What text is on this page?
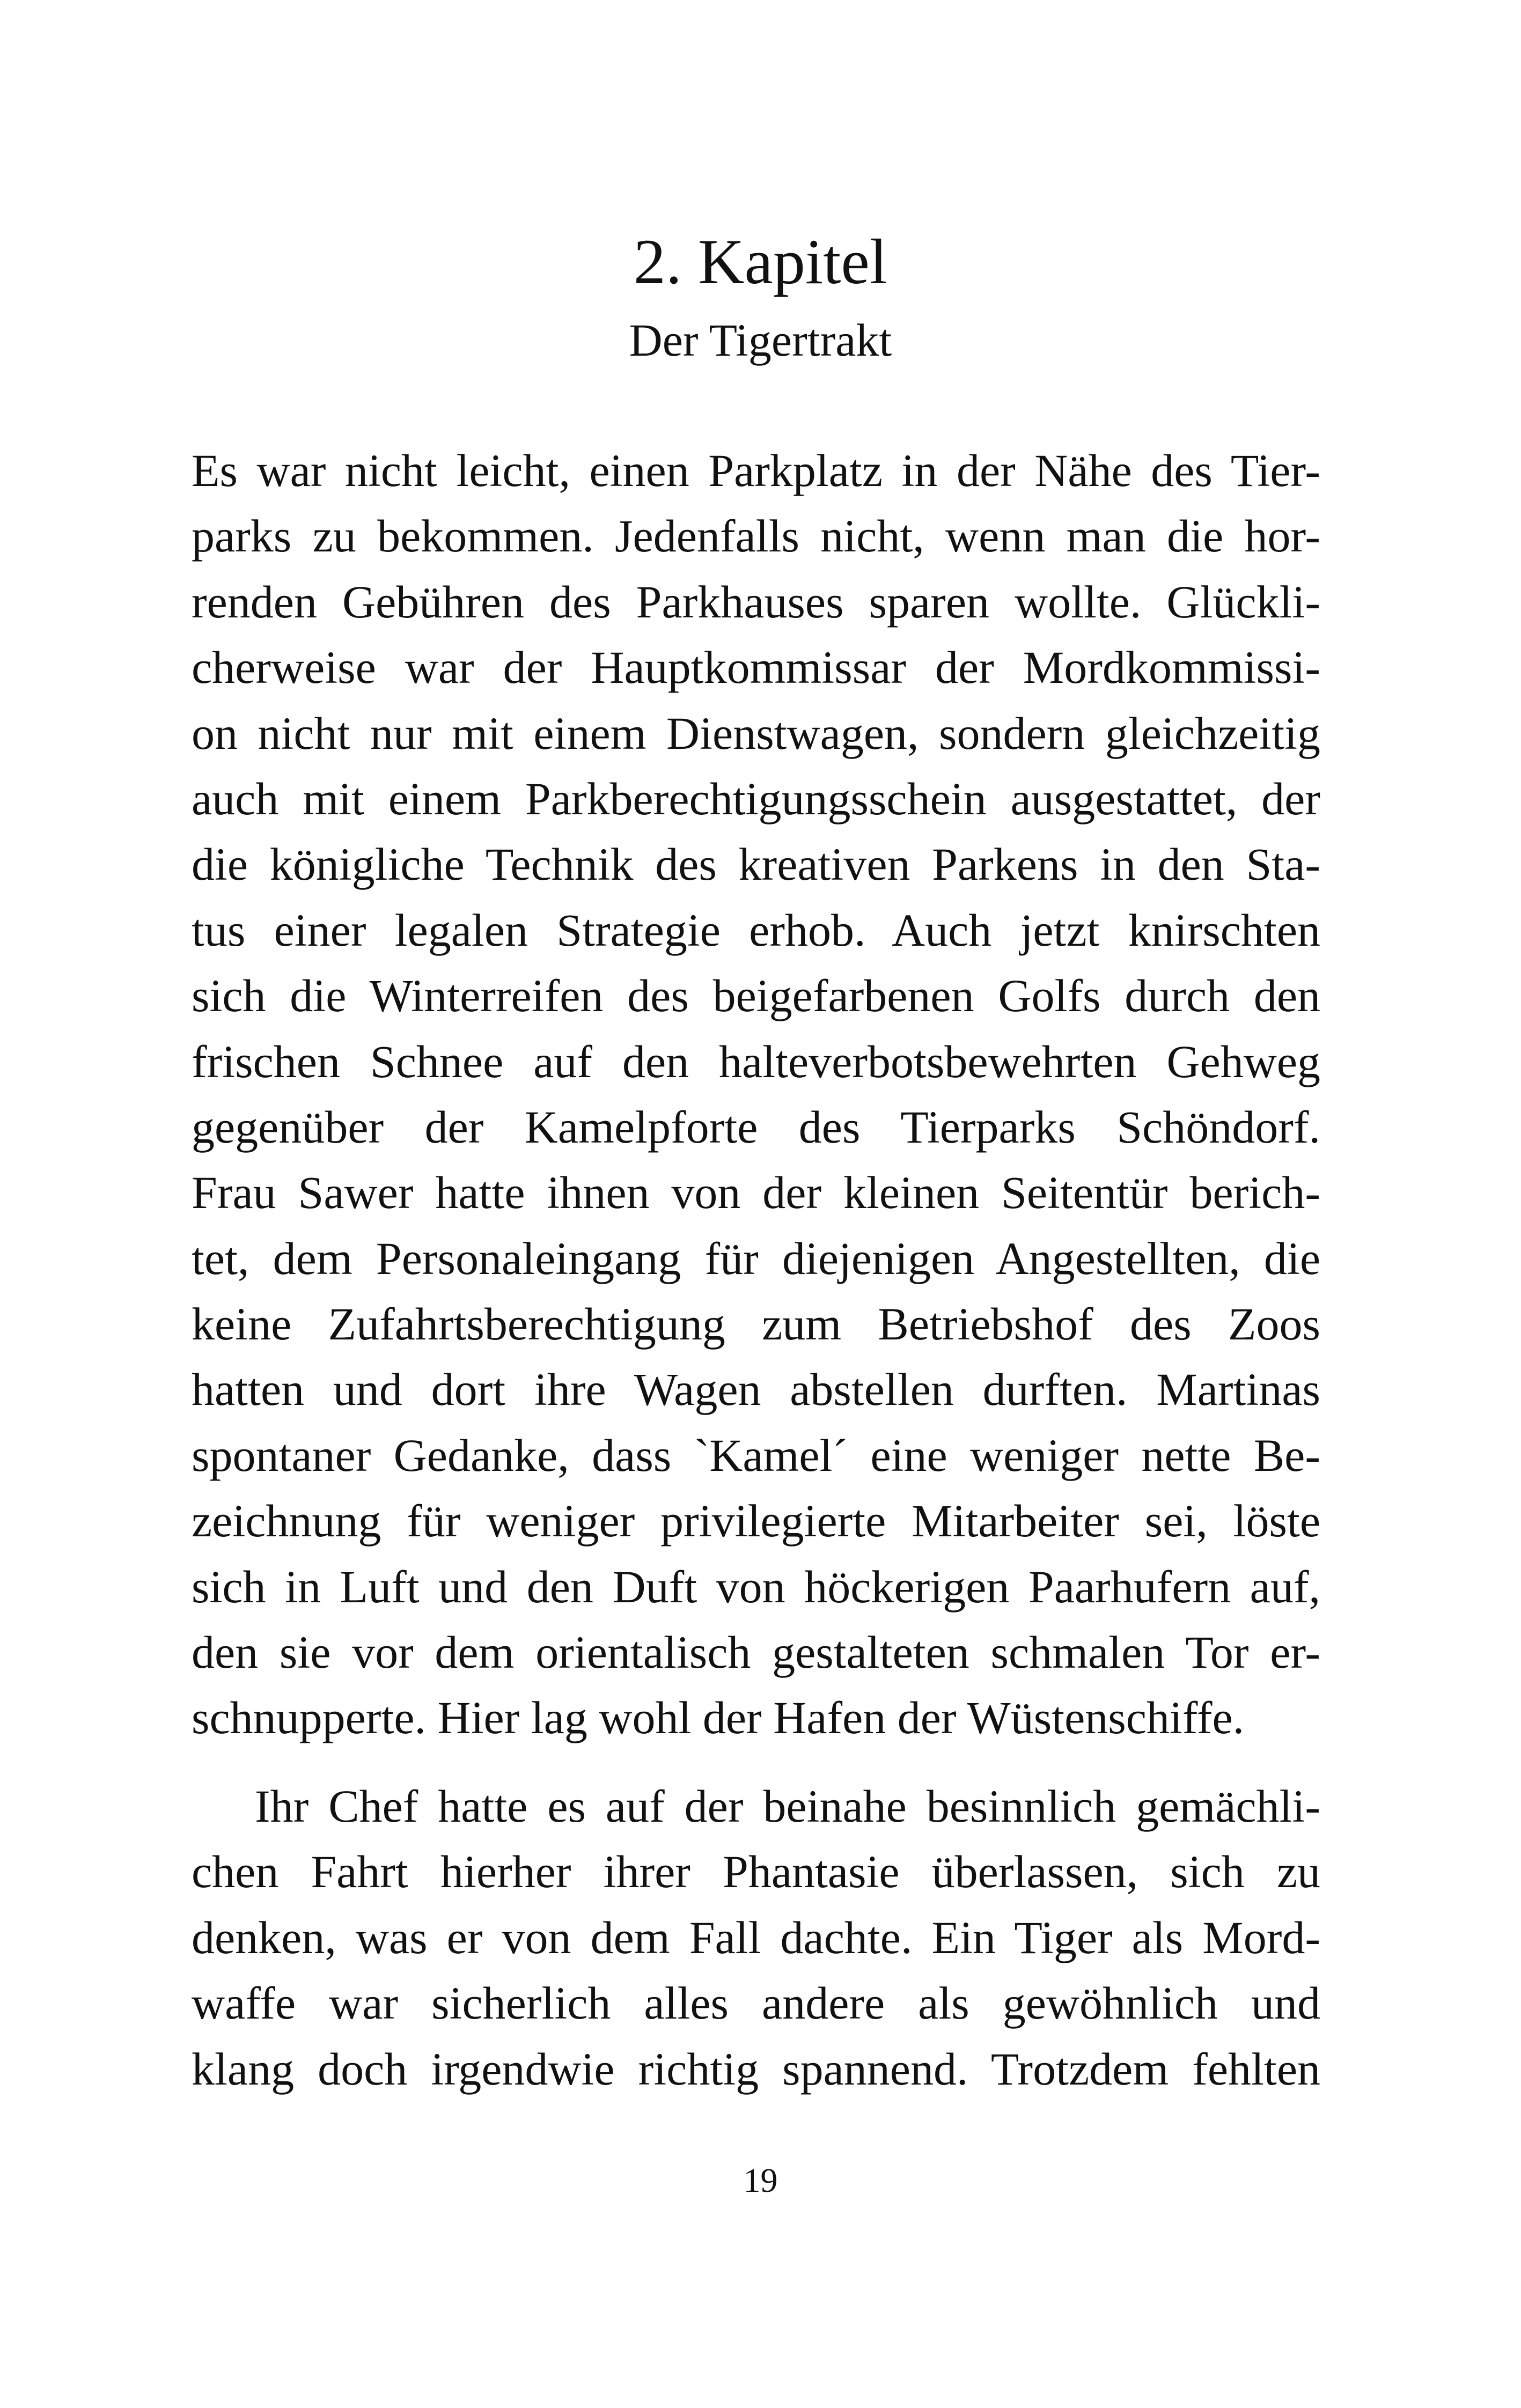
2. Kapitel
Der Tigertrakt
Es war nicht leicht, einen Parkplatz in der Nähe des Tier-
parks zu bekommen. Jedenfalls nicht, wenn man die hor-
renden Gebühren des Parkhauses sparen wollte. Glückli-
cherweise war der Hauptkommissar der Mordkommissi-
on nicht nur mit einem Dienstwagen, sondern gleichzeitig
auch mit einem Parkberechtigungsschein ausgestattet, der
die königliche Technik des kreativen Parkens in den Sta-
tus einer legalen Strategie erhob. Auch jetzt knirschten
sich die Winterreifen des beigefarbenen Golfs durch den
frischen Schnee auf den halteverbotsbewehrten Gehweg
gegenüber der Kamelpforte des Tierparks Schöndorf.
Frau Sawer hatte ihnen von der kleinen Seitentür berich-
tet, dem Personaleingang für diejenigen Angestellten, die
keine Zufahrtsberechtigung zum Betriebshof des Zoos
hatten und dort ihre Wagen abstellen durften. Martinas
spontaner Gedanke, dass `Kamel´ eine weniger nette Be-
zeichnung für weniger privilegierte Mitarbeiter sei, löste
sich in Luft und den Duft von höckerigen Paarhufern auf,
den sie vor dem orientalisch gestalteten schmalen Tor er-
schnupperte. Hier lag wohl der Hafen der Wüstenschiffe.
Ihr Chef hatte es auf der beinahe besinnlich gemächli-
chen Fahrt hierher ihrer Phantasie überlassen, sich zu
denken, was er von dem Fall dachte. Ein Tiger als Mord-
waffe war sicherlich alles andere als gewöhnlich und
klang doch irgendwie richtig spannend. Trotzdem fehlten
19
